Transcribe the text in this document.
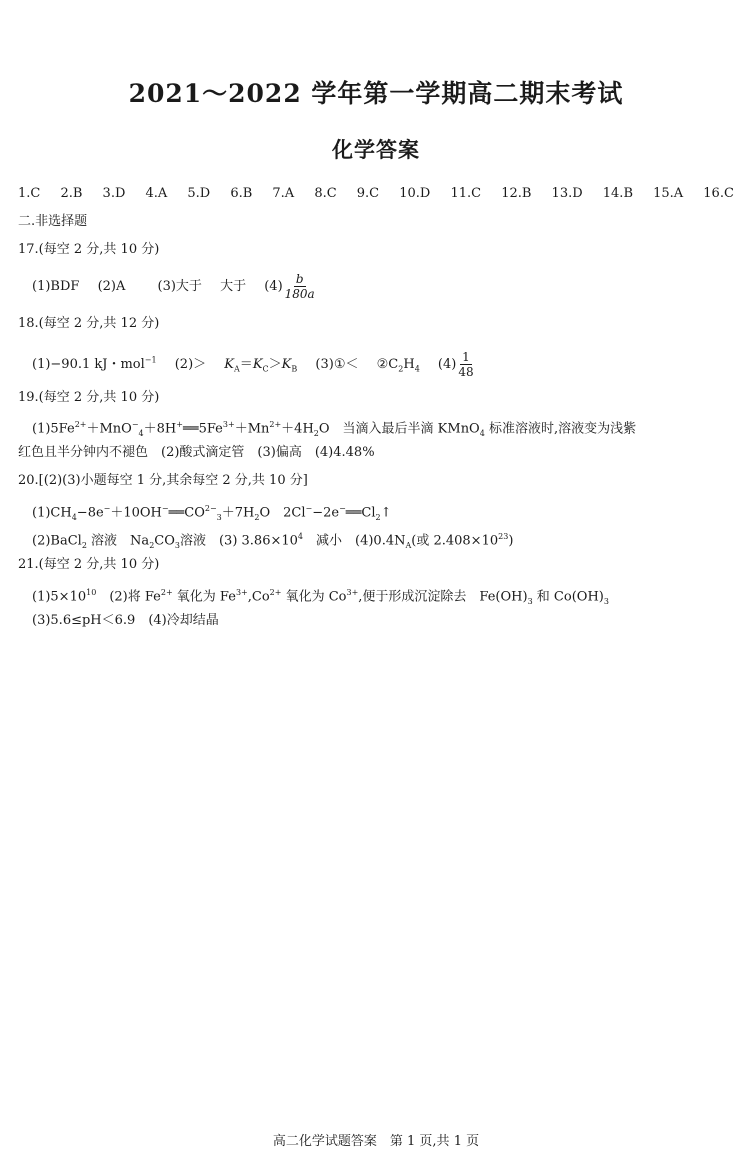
2021～2022 学年第一学期高二期末考试
化学答案
1.C 2.B 3.D 4.A 5.D 6.B 7.A 8.C 9.C 10.D 11.C 12.B 13.D 14.B 15.A 16.C
二.非选择题
17.(每空 2 分,共 10 分)
(1)BDF (2)A (3)大于 大于 $(4) \frac{b}{180a}$
18.(每空 2 分,共 12 分)
(1)−90.1 kJ・mol$^{-1}$ $(2)> K_A=K_C>K_B$ (3)①＜ $②C_2H_4$ $(4) \frac{1}{48}$
19.(每空 2 分,共 10 分)
$(1)5Fe^{2+}+MnO^-_4+8H^+══5Fe^{3+}+Mn^{2+}+4H_2O$　当滴入最后半滴 KMnO$_4$ 标准溶液时,溶液变为浅紫
红色且半分钟内不褪色　(2)酸式滴定管　(3)偏高　(4)4.48%
20.[(2)(3)小题每空 1 分,其余每空 2 分,共 10 分]
$(1)CH_4-8e^-+10OH^-══CO^{2-}_3+7H_2O$　$2Cl^--2e^-══Cl_2↑$
(2)BaCl$_2$ 溶液　$Na_2CO_3$溶液　(3) $3.86\times 10^4$　减小　$(4)0.4N_A$(或 $2.408\times 10^{23}$)
21.(每空 2 分,共 10 分)
$(1)5\times 10^{10}$　(2)将 $Fe^{2+}$ 氧化为 $Fe^{3+},Co^{2+}$ 氧化为 $Co^{3+}$,便于形成沉淀除去　$Fe(OH)_3$ 和 $Co(OH)_3$
(3)5.6≤pH＜6.9　(4)冷却结晶
高二化学试题答案　第 1 页,共 1 页
